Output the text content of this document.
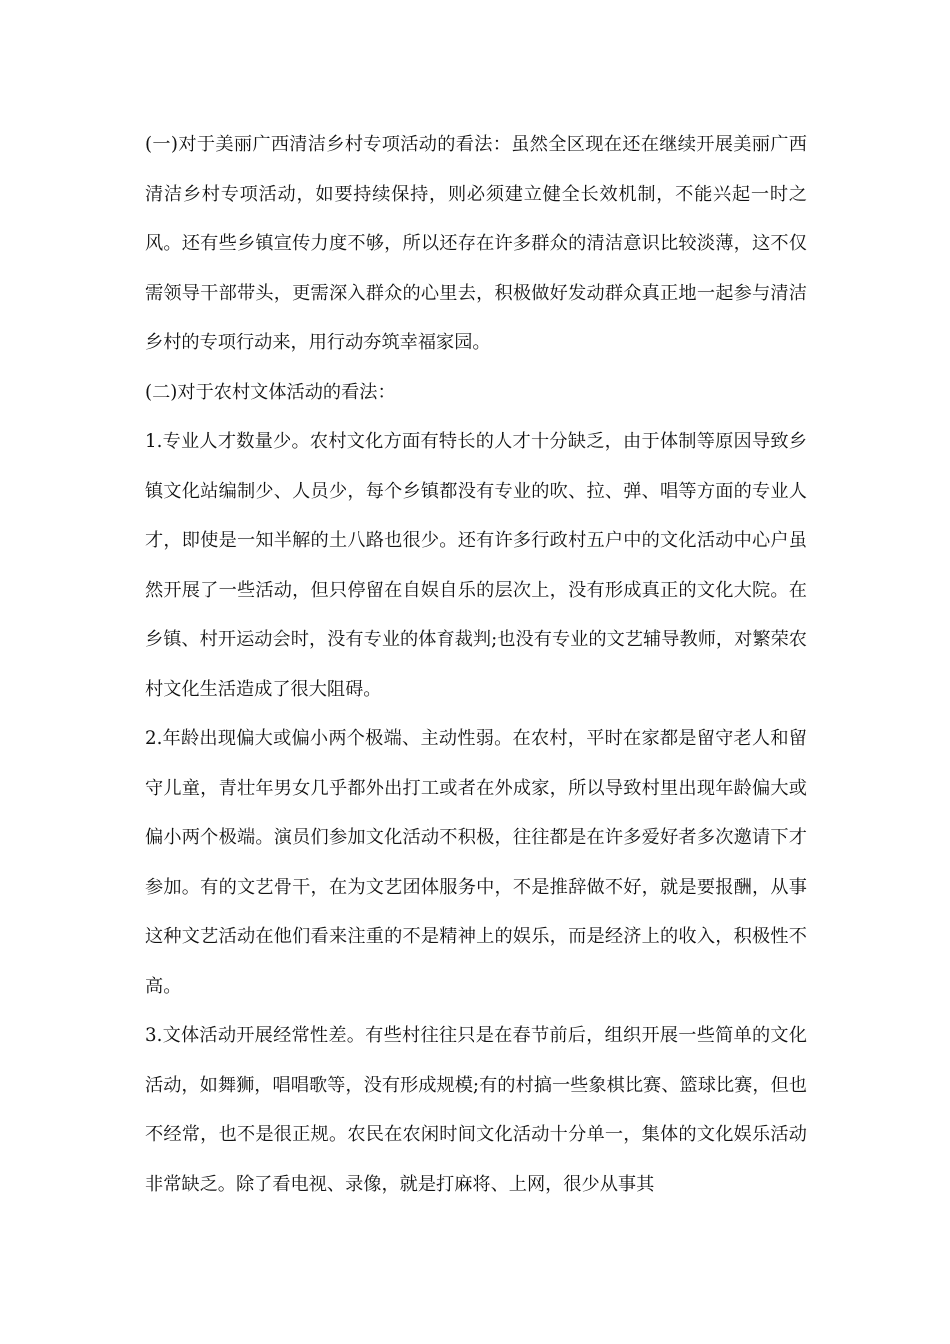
(一)对于美丽广西清洁乡村专项活动的看法：虽然全区现在还在继续开展美丽广西清洁乡村专项活动，如要持续保持，则必须建立健全长效机制，不能兴起一时之风。还有些乡镇宣传力度不够，所以还存在许多群众的清洁意识比较淡薄，这不仅需领导干部带头，更需深入群众的心里去，积极做好发动群众真正地一起参与清洁乡村的专项行动来，用行动夯筑幸福家园。

(二)对于农村文体活动的看法：

1.专业人才数量少。农村文化方面有特长的人才十分缺乏，由于体制等原因导致乡镇文化站编制少、人员少，每个乡镇都没有专业的吹、拉、弹、唱等方面的专业人才，即使是一知半解的土八路也很少。还有许多行政村五户中的文化活动中心户虽然开展了一些活动，但只停留在自娱自乐的层次上，没有形成真正的文化大院。在乡镇、村开运动会时，没有专业的体育裁判;也没有专业的文艺辅导教师，对繁荣农村文化生活造成了很大阻碍。

2.年龄出现偏大或偏小两个极端、主动性弱。在农村，平时在家都是留守老人和留守儿童，青壮年男女几乎都外出打工或者在外成家，所以导致村里出现年龄偏大或偏小两个极端。演员们参加文化活动不积极，往往都是在许多爱好者多次邀请下才参加。有的文艺骨干，在为文艺团体服务中，不是推辞做不好，就是要报酬，从事这种文艺活动在他们看来注重的不是精神上的娱乐，而是经济上的收入，积极性不高。

3.文体活动开展经常性差。有些村往往只是在春节前后，组织开展一些简单的文化活动，如舞狮，唱唱歌等，没有形成规模;有的村搞一些象棋比赛、篮球比赛，但也不经常，也不是很正规。农民在农闲时间文化活动十分单一，集体的文化娱乐活动非常缺乏。除了看电视、录像，就是打麻将、上网，很少从事其
